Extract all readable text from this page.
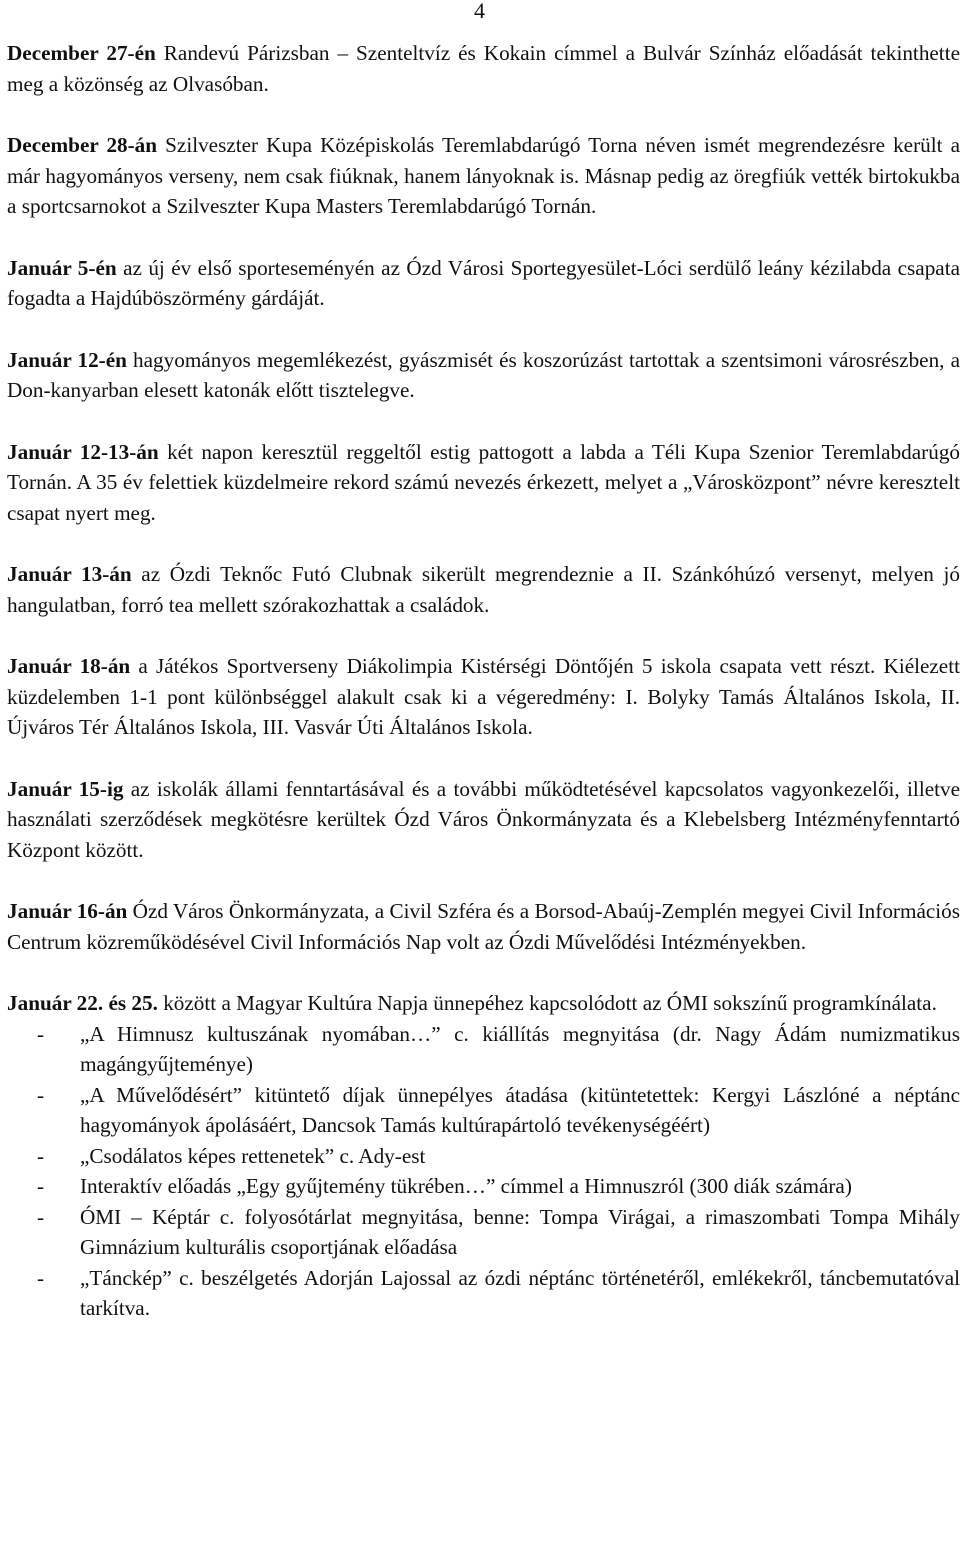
4

December 27-én Randevú Párizsban – Szenteltvíz és Kokain címmel a Bulvár Színház előadását tekinthette meg a közönség az Olvasóban.

December 28-án Szilveszter Kupa Középiskolás Teremlabdarúgó Torna néven ismét megrendezésre került a már hagyományos verseny, nem csak fiúknak, hanem lányoknak is. Másnap pedig az öregfiúk vették birtokukba a sportcsarnokot a Szilveszter Kupa Masters Teremlabdarúgó Tornán.

Január 5-én az új év első sporteseményén az Ózd Városi Sportegyesület-Lóci serdülő leány kézilabda csapata fogadta a Hajdúböszörmény gárdáját.

Január 12-én hagyományos megemlékezést, gyászmisét és koszorúzást tartottak a szentsimoni városrészben, a Don-kanyarban elesett katonák előtt tisztelegve.

Január 12-13-án két napon keresztül reggeltől estig pattogott a labda a Téli Kupa Szenior Teremlabdarúgó Tornán. A 35 év felettiek küzdelmeire rekord számú nevezés érkezett, melyet a „Városközpont” névre keresztelt csapat nyert meg.

Január 13-án az Ózdi Teknőc Futó Clubnak sikerült megrendeznie a II. Szánkóhúzó versenyt, melyen jó hangulatban, forró tea mellett szórakozhattak a családok.

Január 18-án a Játékos Sportverseny Diákolimpia Kistérségi Döntőjén 5 iskola csapata vett részt. Kiélezett küzdelemben 1-1 pont különbséggel alakult csak ki a végeredmény: I. Bolyky Tamás Általános Iskola, II. Újváros Tér Általános Iskola, III. Vasvár Úti Általános Iskola.

Január 15-ig az iskolák állami fenntartásával és a további működtetésével kapcsolatos vagyonkezelői, illetve használati szerződések megkötésre kerültek Ózd Város Önkormányzata és a Klebelsberg Intézményfenntartó Központ között.

Január 16-án Ózd Város Önkormányzata, a Civil Szféra és a Borsod-Abaúj-Zemplén megyei Civil Információs Centrum közreműködésével Civil Információs Nap volt az Ózdi Művelődési Intézményekben.

Január 22. és 25. között a Magyar Kultúra Napja ünnepéhez kapcsolódott az ÓMI sokszínű programkínálata.

- „A Himnusz kultuszának nyomában…” c. kiállítás megnyitása (dr. Nagy Ádám numizmatikus magángyűjteménye)
- „A Művelődésért” kitüntető díjak ünnepélyes átadása (kitüntetettek: Kergyi Lászlóné a néptánc hagyományok ápolásáért, Dancsok Tamás kultúrapártoló tevékenységéért)
- „Csodálatos képes rettenetek” c. Ady-est
- Interaktív előadás „Egy gyűjtemény tükrében…” címmel a Himnuszról (300 diák számára)
- ÓMI – Képtár c. folyosótárlat megnyitása, benne: Tompa Virágai, a rimaszombati Tompa Mihály Gimnázium kulturális csoportjának előadása
- „Tánckép” c. beszélgetés Adorján Lajossal az ózdi néptánc történetéről, emlékekről, táncbemutatóval tarkítva.
